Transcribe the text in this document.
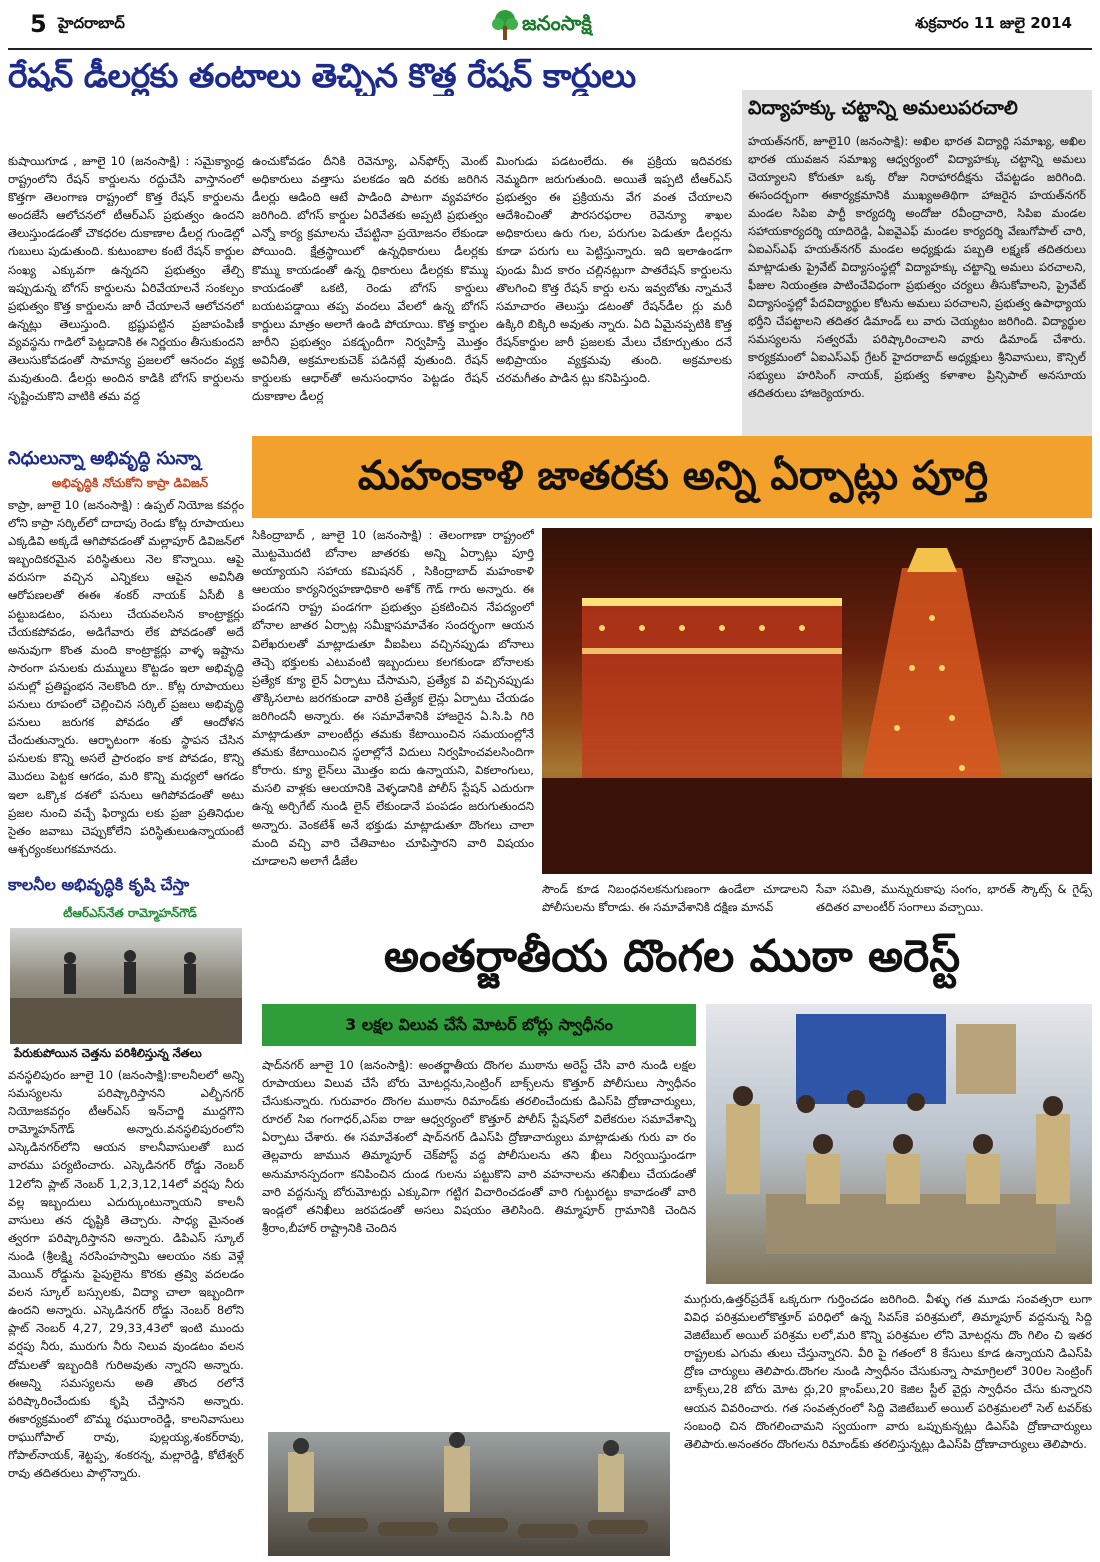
5 హైదరాబాద్	జనంసాక్షి	శుక్రవారం 11 జులై 2014
రేషన్ డీలర్లకు తంటాలు తెచ్చిన కొత్త రేషన్ కార్డులు
కుషాయిగూడ , జూలై 10 (జనంసాక్షి) : సమైక్యాంధ్ర రాష్ట్రంలోని రేషన్ కార్డులను రద్దుచేసి వాస్తానంలో కొత్తగా తెలంగాణ రాష్ట్రంలో కొత్త రేషన్ కార్డులను అందజేసే ఆలోచనలో టీఆర్ఎస్ ప్రభుత్వం ఉందని తెలుస్తుండడంతో చౌకధరల దుకాణాల డీలర్ల గుండెల్లో గుబులు పుడుతుంది. కుటుంబాల కంటే రేషన్ కార్డుల సంఖ్య ఎక్కువగా ఉన్నదని ప్రభుత్వం తేల్చి ఇప్పుడున్న బోగస్ కార్డులను ఏరివేయాలనే సంకల్పం ప్రభుత్వం కొత్త కార్డులను జారీ చేయాలనే ఆలోచనలో ఉన్నట్లు తెలుస్తుంది. భ్రష్టుపట్టిన ప్రజాపంపిణీ వ్యవస్థను గాడిలో పెట్టడానికి ఈ నిర్ణయం తీసుకుందని తెలుసుకోవడంతో సామాన్య ప్రజలలో ఆనందం వ్యక్త మవుతుంది. డీలర్లు అందిన కాడికి బోగస్ కార్డులను సృష్టించుకొని వాటికి తమ వద్ద
ఉంచుకోవడం దీనికి రెవెన్యూ, ఎన్‌ఫోర్స్ మెంట్ అధికారులు వత్తాసు పలకడం ఇది వరకు జరిగిన డీలర్లు ఆడింది ఆటే పాడింది పాటగా వ్యవహారం జరిగింది. బోగస్ కార్డుల ఏరివేతకు అప్పటి ప్రభుత్వం ఎన్నో కార్య క్రమాలను చేపట్టినా ప్రయోజనం లేకుండా పోయింది. క్షేత్రస్థాయిలో ఉన్నధికారులు డీలర్లకు కొమ్ము కాయడంతో ఉన్న ధికారులు డీలర్లకు కొమ్ము కాయడంతో ఒకటి, రెండు బోగస్ కార్డులు బయటపడ్డాయి తప్ప వందలు వేలలో ఉన్న బోగస్ కార్డులు మాత్రం అలాగే ఉండి పోయాయి. కొత్త కార్డుల జారీని ప్రభుత్వం పకడ్బందీగా నిర్వహిస్తే మొత్తం అవినీతి, అక్రమాలకుచెక్ పడినట్లే వుతుంది. రేషన్ కార్డులకు ఆధార్‌తో అనుసంధానం పెట్టడం రేషన్ దుకాణాల డీలర్ల
మింగుడు పడటంలేదు. ఈ ప్రక్రియ ఇదివరకు నెమ్మదిగా జరుగుతుంది. అయితే ఇప్పటి టీఆర్ఎస్ ప్రభుత్వం ఈ ప్రక్రియను వేగ వంత చేయాలని ఆదేశించింతో పౌరసరఫరాల రెవెన్యూ శాఖల అధికారులు ఉరు గుల, పరుగుల పెడుతూ డీలర్లను కూడా పరుగు లు పెట్టిస్తున్నారు. ఇది ఇలాఉండగా పుండు మీద కారం చల్లినట్లుగా పాతరేషన్ కార్డులను తొలగించి కొత్త రేషన్ కార్డు లను ఇవ్వబోతు న్నామనే సమాచారం తెలుస్తు డటంతో రేషన్‌డీల ర్లు మరీ ఉక్కిరి బిక్కిరి అవుతు న్నారు. ఏది ఏమైనప్పటికి కొత్త రేషన్‌కార్డుల జారీ ప్రజలకు మేలు చేకూర్చుతుం దనే అభిప్రాయం వ్యక్తమవు తుంది. అక్రమాలకు చరమగీతం పాడిన ట్లు కనిపిస్తుంది.
విద్యాహక్కు చట్టాన్ని అమలుపరచాలి
హయత్‌నగర్, జూలై10 (జనంసాక్షి): అఖిల భారత విద్యార్థి సమాఖ్య, అఖిల భారత యువజన సమాఖ్య ఆధ్వర్యంలో విద్యాహక్కు చట్టాన్ని అమలు చెయ్యాలని కోరుతూ ఒక్క రోజు నిరాహారదీక్షను చేపట్టడం జరిగింది. ఈసందర్బంగా ఈకార్యక్రమానికి ముఖ్యఅతిథిగా హాజరైన హయత్‌నగర్ మండల సిపిఐ పార్టీ కార్యదర్శి అందోజు రవీంద్రాచారి, సిపిఐ మండల సహాయకార్యదర్శి యాదిరెడ్డి, ఏఐవైఎఫ్ మండల కార్యదర్శి వేణుగోపాల్ చారి, ఏఐఎస్ఎఫ్ హయత్‌నగర్ మండల అధ్యక్షుడు పబ్బతి లక్ష్మణ్ తదితరులు మాట్లాడుతు ప్రైవేట్ విద్యాసంస్థల్లో విద్యాహక్కు చట్టాన్ని అమలు పరచాలని, ఫీజుల నియంత్రణ పాటించేవిధంగా ప్రభుత్వం చర్యలు తీసుకోవాలని, ప్రైవేట్ విద్యాసంస్థల్లో పేదవిద్యార్థుల కోటను అమలు పరచాలని, ప్రభుత్వ ఉపాధ్యాయ భర్తీని చేపట్టాలని తదితర డిమాండ్ లు వారు చెయ్యటం జరిగింది. విద్యార్థుల సమస్యలను సత్వరమే పరిష్కారించాలని వారు డిమాండ్ చేశారు. కార్యక్రమంలో ఏఐఎస్ఎఫ్ గ్రేటర్ హైదరాబాద్ అధ్యక్షులు శ్రీనివాసులు, కౌన్సిల్ సభ్యులు హరిసింగ్ నాయక్, ప్రభుత్వ కళాశాల ప్రిన్సిపాల్ అనసూయ తదితరులు హాజర్యెయారు.
నిధులున్నా అభివృద్ధి సున్నా
అభివృద్ధికి నోచుకోని కాప్రా డివిజన్
కాప్రా, జూలై 10 (జనంసాక్షి) : ఉప్పల్ నియోజ కవర్గం లోని కాప్రా సర్కిల్‌లో దాదాపు రెండు కోట్ల రూపాయలు ఎక్కడివి అక్కడే ఆగిపోవడంతో మల్లాపూర్ డివిజన్‌లో ఇబ్బందికరమైన పరిస్థితులు నెల కొన్నాయి. ఆపై వరుసగా వచ్చిన ఎన్నికలు ఆపైన అవినీతి ఆరోపణలతో ఈఈ శంకర్ నాయక్ ఏసీబీ కి పట్టుబడటం, పనులు చేయవలసిన కాంట్రాక్టర్లు చేయకపోవడం, అడిగేవారు లేక పోవడంతో అదే అనువుగా కొంత మంది కాంట్రాక్టర్లు వాళ్ళ ఇష్టాను సారంగా పనులకు దుమ్ములు కొట్టడం ఇలా అభివృద్ధి పనుల్లో ప్రతిష్టంభన నెలకొంది రూ.. కోట్ల రూపాయలు పనులు రూపంలో చెల్లించిన సర్కిల్ ప్రజలు అభివృద్ధి పనులు జరుగక పోవడం తో ఆందోళన చేందుతున్నారు. ఆర్భాటంగా శంకు స్థాపన చేసిన పనులకు కొన్ని అసలే ప్రారంభం కాక పోవడం, కొన్ని మొదలు పెట్టక ఆగడం, మరి కొన్ని మధ్యలో ఆగడం ఇలా ఒక్కొక దశలో పనులు ఆగిపోవడంతో అటు ప్రజల నుంచి వచ్చే ఫిర్యాదు లకు ప్రజా ప్రతినిధుల సైతం జవాబు చెప్పుకోలేని పరిస్థితులుఉన్నాయంటే ఆశ్చర్యంకలుగకమానదు.
మహంకాళి జాతరకు అన్ని ఏర్పాట్లు పూర్తి
సికింద్రాబాద్ , జూలై 10 (జనంసాక్షి) : తెలంగాణా రాష్ట్రంలో మొట్టమొదటి బోనాల జాతరకు అన్ని ఏర్పాట్లు పూర్తి అయ్యాయని సహాయ కమిషనర్ , సికింద్రాబాద్ మహంకాళి ఆలయం కార్యనిర్వహణాధికారి అశోక్ గౌడ్ గారు అన్నారు. ఈ పండగని రాష్ట్ర పండగగా ప్రభుత్వం ప్రకటించిన నేపద్యంలో బోనాల జాతర ఏర్పాట్ల సమీక్షాసమావేశం సందర్భంగా ఆయన విలేఖరులతో మాట్లాడుతూ వీఐపిలు వచ్చినప్పుడు బోనాలు తెచ్చె భక్తులకు ఎటువంటి ఇబ్బందులు కలగకుండా బోనాలకు ప్రత్యేక క్యూ లైన్ ఏర్పాటు చేసామని, ప్రత్యేక వి వచ్చినప్పుడు తొక్కిసలాట జరగకుండా వారికి ప్రత్యేక లైన్లు ఏర్పాటు చేయడం జరిగిందనీ అన్నారు. ఈ సమావేశానికి హాజరైన ఏ.సి.పి గిరి మాట్లాడుతూ వాలంటీర్లు తమకు కేటాయించిన సమయంల్లోనే తమకు కేటాయించిన స్థలాల్లోనే విదులు నిర్వహించవలసిందిగా కోరారు. క్యూ లైన్‌లు మొత్తం ఐదు ఉన్నాయని, వికలాంగులు, మసలి వాళ్లకు ఆలయానికి వెళ్ళడానికి పోలీస్ స్టేషన్ ఎదురుగా ఉన్న అర్చిగేట్ నుండి లైన్ లేకుండానే పంపడం జరుగుతుందని అన్నారు. వెంకటేశ్ అనే భక్తుడు మాట్లాడుతూ దొంగలు చాలా మంది వచ్చి వారి చేతివాటం చూపిస్తారని వారి విషయం చూడాలని అలాగే డీజేల
సౌండ్ కూడ నిబంధనలకనుగుణంగా ఉండేలా చూడాలని పోలీసులను కోరాడు. ఈ సమావేశానికి దక్షిణ మానవ్
సేవా సమితి, మున్నురుకాపు సంగం, భారత్ స్కౌట్స్ & గైడ్స్ తదితర వాలంటీర్ సంగాలు వచ్చాయి.
కాలనీల అభివృద్ధికి కృషి చేస్తా
టీఆర్ఎస్‌నేత రామ్మోహన్‌గౌడ్
పేరుకుపోయిన చెత్తను పరిశీలిస్తున్న నేతలు
వనస్థలిపురం జూలై 10 (జనంసాక్షి):కాలనీలలో అన్ని సమస్యలను పరిష్కారిస్తానని ఎల్బీనగర్ నియోజకవర్గం టీఆర్ఎస్ ఇన్‌చార్జి ముద్దగొని రామ్మోహన్‌గౌడ్ అన్నారు.వనస్థలిపురంలోని ఎస్కెడినగర్‌లోని ఆయన కాలనీవాసులతో బుద వారము పర్యటించారు. ఎస్కెడినగర్ రోడ్డు నెంబర్ 12లోని ప్లాట్ నెంబర్ 1,2,3,12,14లో వర్షపు నీరు వల్ల ఇబ్బందులు ఎదుర్కుంటున్నాయని కాలనీ వాసులు తన దృష్టికి తెచ్చారు. సాధ్య మైనంత త్వరగా పరిష్కారిస్తానని అన్నారు. డిపిఎస్ స్కూల్ నుండి (శ్రీలక్ష్మి నరసింహస్వామి ఆలయం నకు వెళ్లే మెయిన్ రోడ్డును పైపులైను కొరకు త్రవ్వి వదలడం వలన స్కూల్ బస్సులకు, విద్యా చాలా ఇబ్బందిగా ఉందని అన్నారు. ఎస్కెడినగర్ రోడ్డు నెంబర్ 8లోని ప్లాట్ నెంబర్ 4,27, 29,33,43లో ఇంటి ముందు వర్షపు నీరు, మురుగు నీరు నిలువ వుండటం వలన దోమలతో ఇబ్బందికి గురిఅవుతు న్నారని అన్నారు. ఈఅన్ని సమస్యలను అతి తొంద రలోనే పరిష్కారించేందుకు కృషి చేస్తానని అన్నారు. ఈకార్యక్రమంలో బొమ్మ రఘురాంరెడ్డి, కాలనివాసులు రాఘుగోపాల్ రావు, పుల్లయ్య,శంకర్‌రావు, గోపాల్‌నాయక్, శెట్టప్ప, శంకరన్న, మల్లారెడ్డి, కోటేశ్వర్ రావు తదితరులు పాల్గొన్నారు.
అంతర్జాతీయ దొంగల ముఠా అరెస్ట్
3 లక్షల విలువ చేసే మోటర్ బోర్లు స్వాధీనం
షాద్‌నగర్ జూలై 10 (జనంసాక్షి): అంతర్జాతీయ దొంగల ముఠాను అరెస్ట్ చేసి వారి నుండి లక్షల రూపాయలు విలువ చేసే బోరు మోటర్లను,సెంట్రింగ్ బాక్స్‌లను కొత్తూర్ పోలీసులు స్వాధీనం చేసుకున్నారు. గురువారం దొంగల ముఠాను రిమాండ్‌కు తరలించేందుకు డిఎస్‌పి ద్రోణాచార్యులు, రూరల్ సిఐ గంగాధర్,ఎస్ఐ రాజు ఆధ్వర్యంలో కొత్తూర్ పోలీస్ స్టేషన్‌లో విలేకరుల సమావేశాన్ని ఏర్పాటు చేశారు. ఈ సమావేశంలో షాద్‌నగర్ డిఎస్‌పి ద్రోణాచార్యులు మాట్లాడుతు గురు వా రం తెల్లవారు జామున తిమ్మాపూర్ చెక్‌పోస్ట్ వద్ద పోలీసులను తని ఖీలు నిర్వయిస్తుండగా అనుమానస్పదంగా కనిపించిన దుండ గులను పట్టుకొని వారి వహనాలను తనిఖీలు చేయడంతో వారి వద్దనున్న బోరుమోటర్లు ఎక్కువిగా గట్టిగ విచారించడంతో వారి గుట్టురట్టు కావాడంతో వారి ఇండ్లలో తనిఖీలు జరపడంతో అసలు విషయం తెలిసింది. తిమ్మాపూర్ గ్రామానికి చెందిన శ్రీరాం,బీహార్ రాష్ట్రానికి చెందిన
ముగ్గురు,ఉత్తర్‌ప్రదేశ్ ఒక్కరుగా గుర్తించడం జరిగింది. వీళ్ళు గత మూడు సంవత్సరా లుగా వివిధ పరిశ్రమలలోకొత్తూర్ పరిధిలో ఉన్న సివస్‌కె పరిశ్రమలో, తిమ్మాపూర్ వద్దనున్న సిద్ది వెజిటేబుల్ అయిల్ పరిశ్రమ లలో,మరి కొన్ని పరిశ్రమల లోని మోటర్లను దొం గిలిం చి ఇతర రాష్ట్రలకు ఎగుమ తులు చేస్తున్నారని. వీరి పై గతంలో 8 కేసులు కూడ ఉన్నాయని డిఎస్‌పి ద్రోణ చార్యులు తెలిపారు.దొంగల నుండి స్వాధీనం చేసుకున్నా సామాగ్రిలలో 300ల సెంట్రింగ్ బాక్స్‌లు,28 బోరు మోట ర్లు,20 క్లాంప్‌లు,20 కెజిల స్టీల్ వైర్లు స్వాధీనం చేసు కున్నారని ఆయన వివరించారు. గత సంవత్సరంలో సిద్ది వెజిటేబుల్ అయిల్ పరిశ్రమలలో సెల్ టవర్‌కు సంబంధి చిన దొంగలించామని స్వయంగా వారు ఒప్పుకున్నట్లు డిఎస్‌పి ద్రోణాచార్యులు తెలిపారు.అనంతరం దొంగలను రిమాండ్‌కు తరలిస్తున్నట్లు డిఎస్‌పి ద్రోణాచార్యులు తెలిపారు.
